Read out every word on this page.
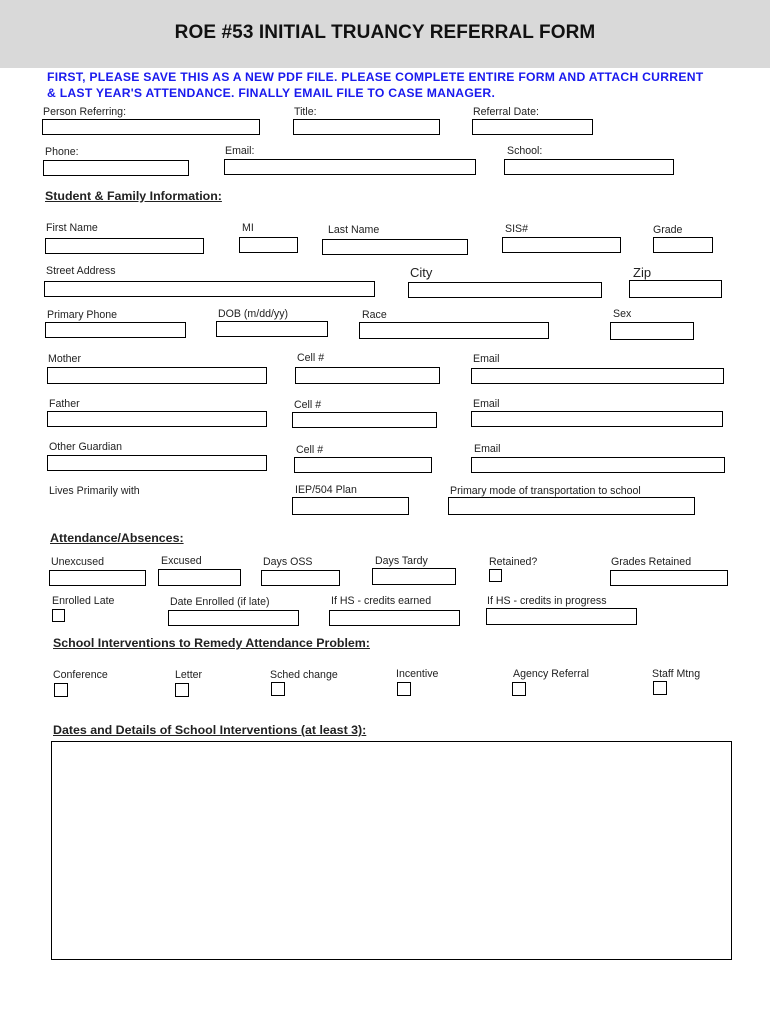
ROE #53 INITIAL TRUANCY REFERRAL FORM
FIRST, PLEASE SAVE THIS AS A NEW PDF FILE. PLEASE COMPLETE ENTIRE FORM AND ATTACH CURRENT
& LAST YEAR'S ATTENDANCE. FINALLY EMAIL FILE TO CASE MANAGER.
Person Referring:	Title:	Referral Date:
Phone:	Email:	School:
Student & Family Information:
First Name	MI	Last Name	SIS#	Grade
Street Address	City	Zip
Primary Phone	DOB (m/dd/yy)	Race	Sex
Mother	Cell #	Email
Father	Cell #	Email
Other Guardian	Cell #	Email
Lives Primarily with	IEP/504 Plan	Primary mode of transportation to school
Attendance/Absences:
Unexcused	Excused	Days OSS	Days Tardy	Retained?	Grades Retained
Enrolled Late	Date Enrolled (if late)	If HS - credits earned	If HS - credits in progress
School Interventions to Remedy Attendance Problem:
Conference	Letter	Sched change	Incentive	Agency Referral	Staff Mtng
Dates and Details of School Interventions (at least 3):
